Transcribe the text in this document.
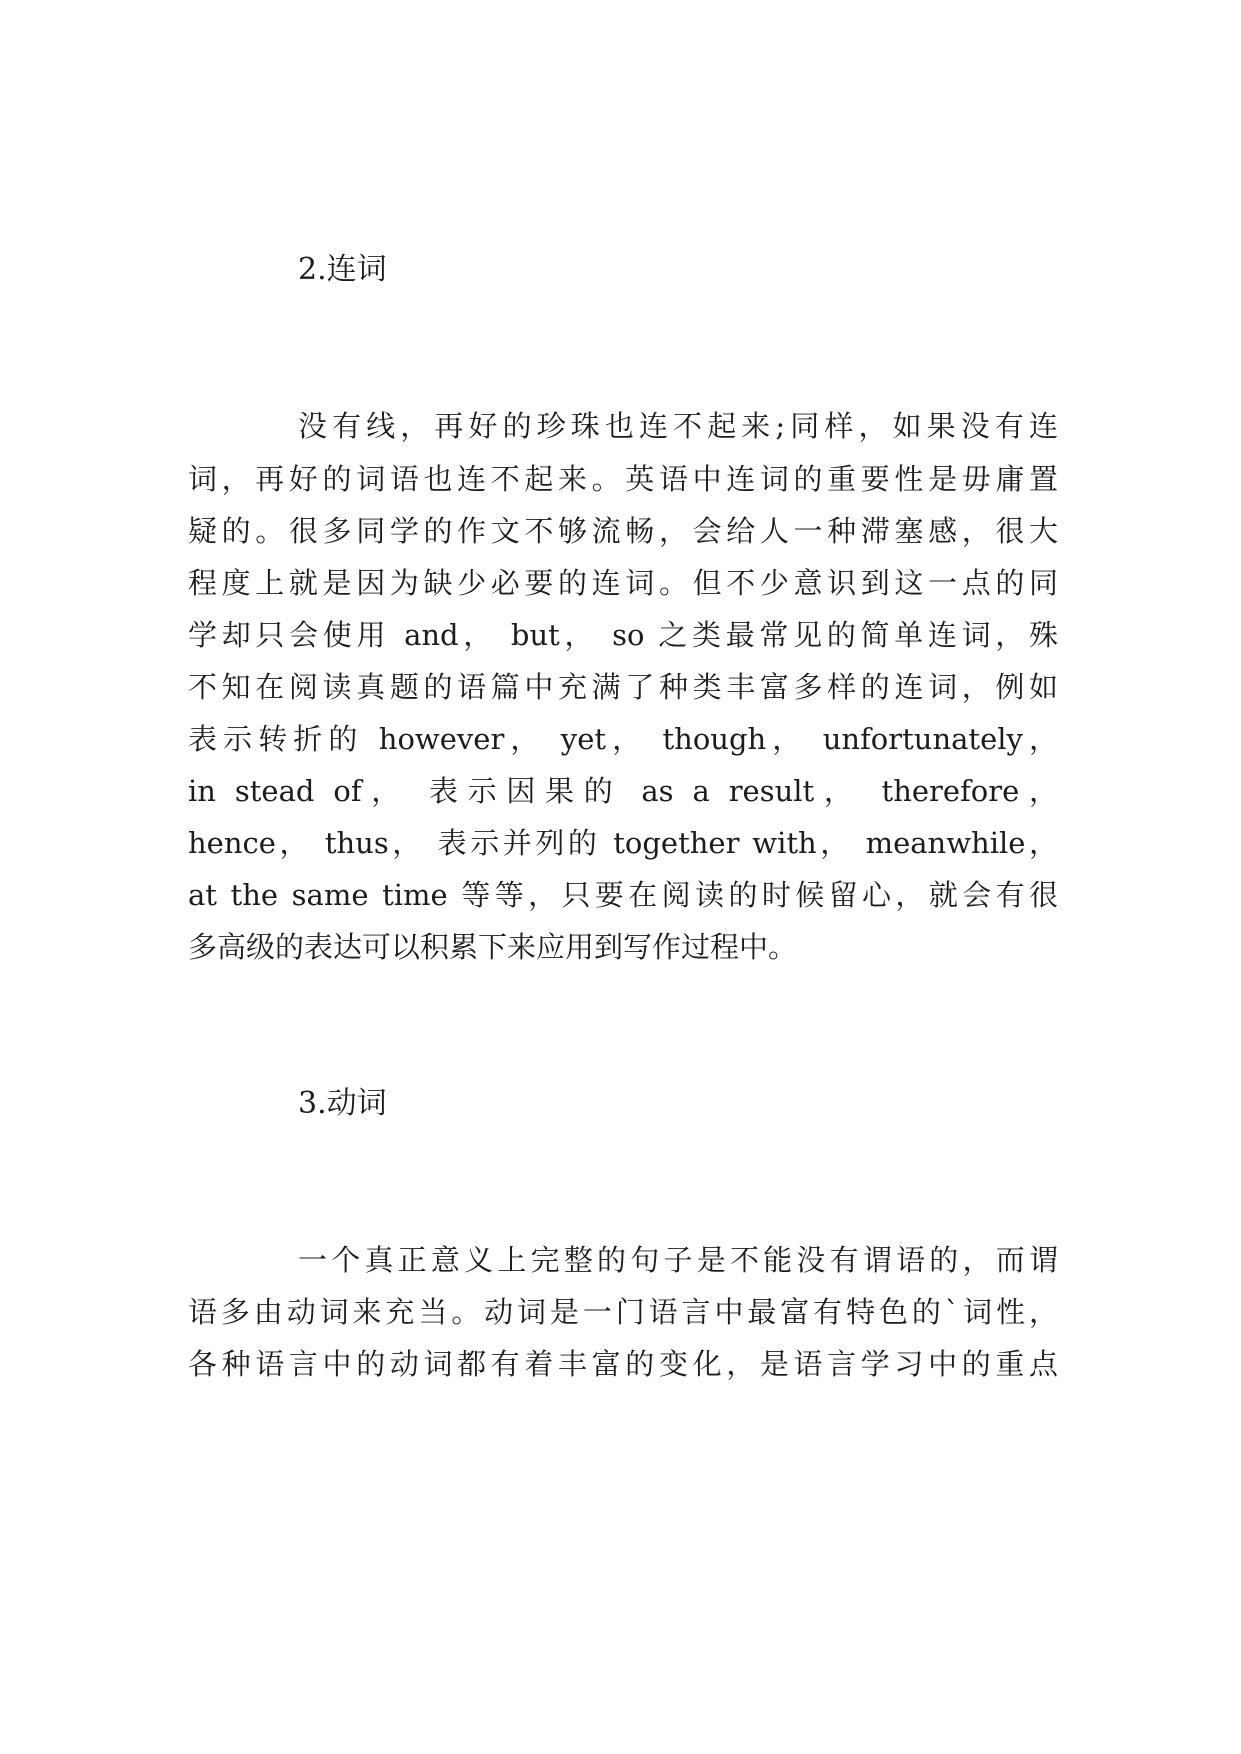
2.连词

没有线，再好的珍珠也连不起来;同样，如果没有连

词，再好的词语也连不起来。英语中连词的重要性是毋庸置

疑的。很多同学的作文不够流畅，会给人一种滞塞感，很大

程度上就是因为缺少必要的连词。但不少意识到这一点的同

学却只会使用 and， but， so 之类最常见的简单连词，殊

不知在阅读真题的语篇中充满了种类丰富多样的连词，例如

表示转折的 however， yet， though， unfortunately，

in stead of， 表示因果的 as a result， therefore，

hence， thus， 表示并列的 together with， meanwhile，

at the same time 等等，只要在阅读的时候留心，就会有很

多高级的表达可以积累下来应用到写作过程中。

3.动词

一个真正意义上完整的句子是不能没有谓语的，而谓

语多由动词来充当。动词是一门语言中最富有特色的`词性，

各种语言中的动词都有着丰富的变化，是语言学习中的重点
